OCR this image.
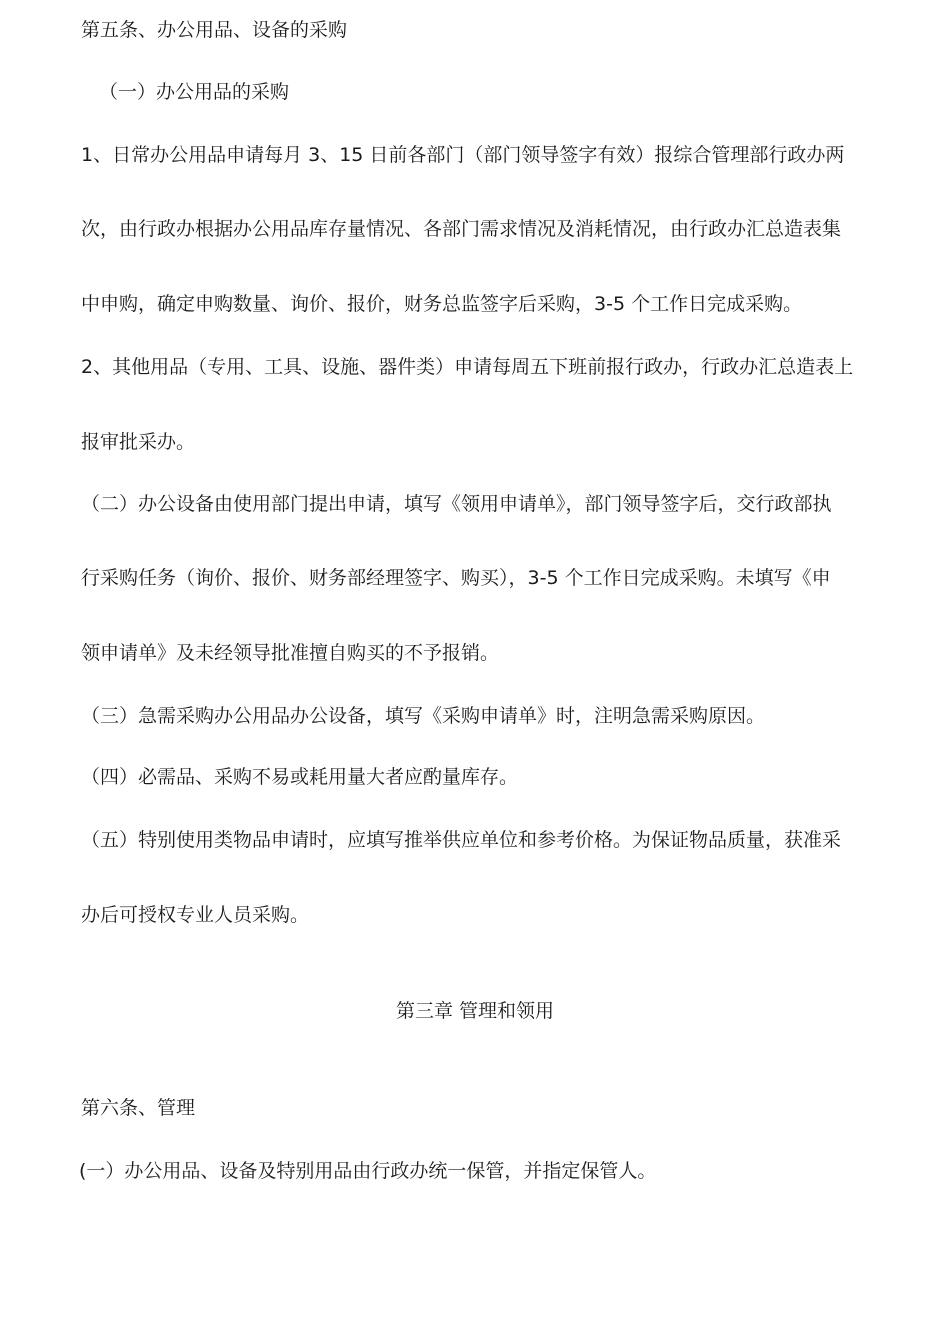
第五条、办公用品、设备的采购
（一）办公用品的采购
1、日常办公用品申请每月 3、15 日前各部门（部门领导签字有效）报综合管理部行政办两
次，由行政办根据办公用品库存量情况、各部门需求情况及消耗情况，由行政办汇总造表集
中申购，确定申购数量、询价、报价，财务总监签字后采购，3-5 个工作日完成采购。
2、其他用品（专用、工具、设施、器件类）申请每周五下班前报行政办，行政办汇总造表上
报审批采办。
（二）办公设备由使用部门提出申请，填写《领用申请单》，部门领导签字后，交行政部执
行采购任务（询价、报价、财务部经理签字、购买），3-5 个工作日完成采购。未填写《申
领申请单》及未经领导批准擅自购买的不予报销。
（三）急需采购办公用品办公设备，填写《采购申请单》时，注明急需采购原因。
（四）必需品、采购不易或耗用量大者应酌量库存。
（五）特别使用类物品申请时，应填写推举供应单位和参考价格。为保证物品质量，获准采
办后可授权专业人员采购。
第三章 管理和领用
第六条、管理
(一）办公用品、设备及特别用品由行政办统一保管，并指定保管人。
